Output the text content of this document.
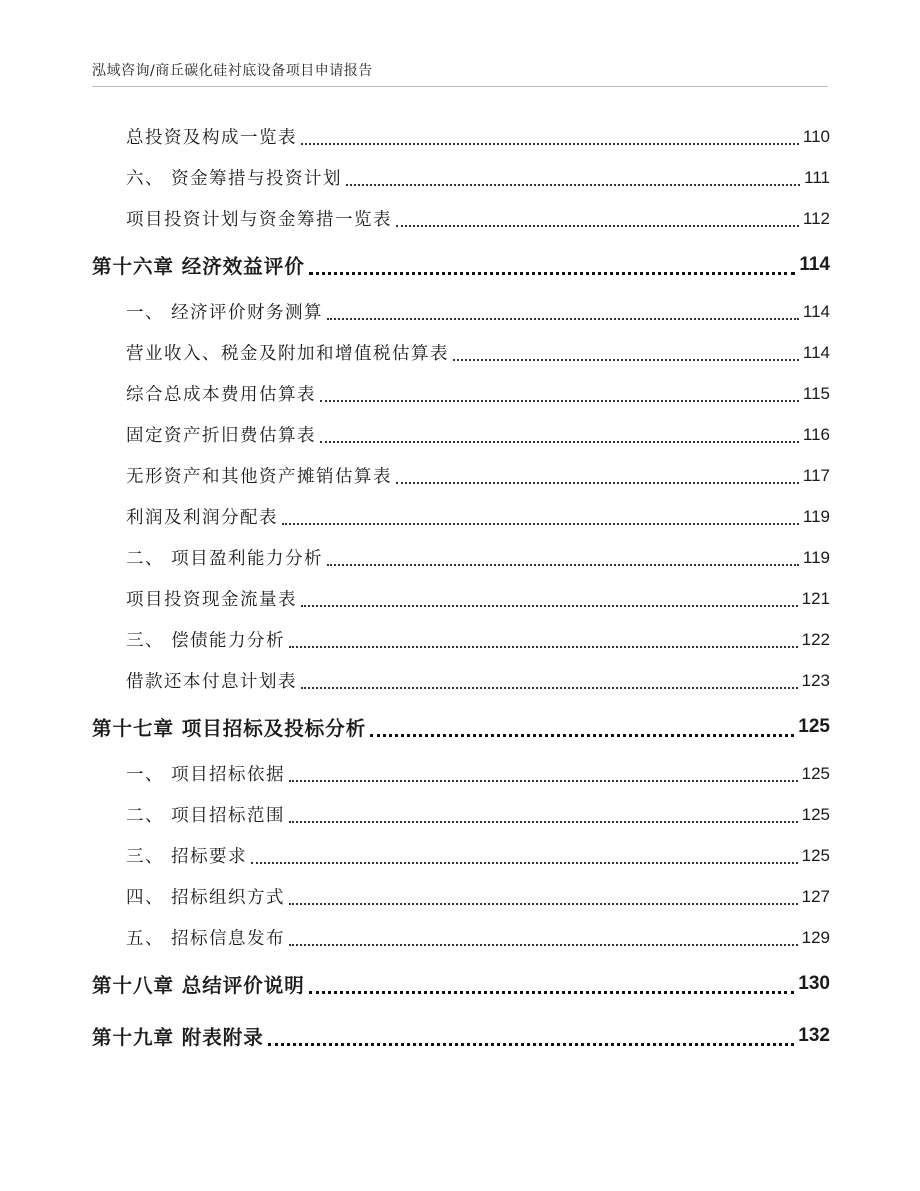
泓域咨询/商丘碳化硅衬底设备项目申请报告
总投资及构成一览表	110
六、 资金筹措与投资计划	111
项目投资计划与资金筹措一览表	112
第十六章 经济效益评价	114
一、 经济评价财务测算	114
营业收入、税金及附加和增值税估算表	114
综合总成本费用估算表	115
固定资产折旧费估算表	116
无形资产和其他资产摊销估算表	117
利润及利润分配表	119
二、 项目盈利能力分析	119
项目投资现金流量表	121
三、 偿债能力分析	122
借款还本付息计划表	123
第十七章 项目招标及投标分析	125
一、 项目招标依据	125
二、 项目招标范围	125
三、 招标要求	125
四、 招标组织方式	127
五、 招标信息发布	129
第十八章 总结评价说明	130
第十九章 附表附录	132
